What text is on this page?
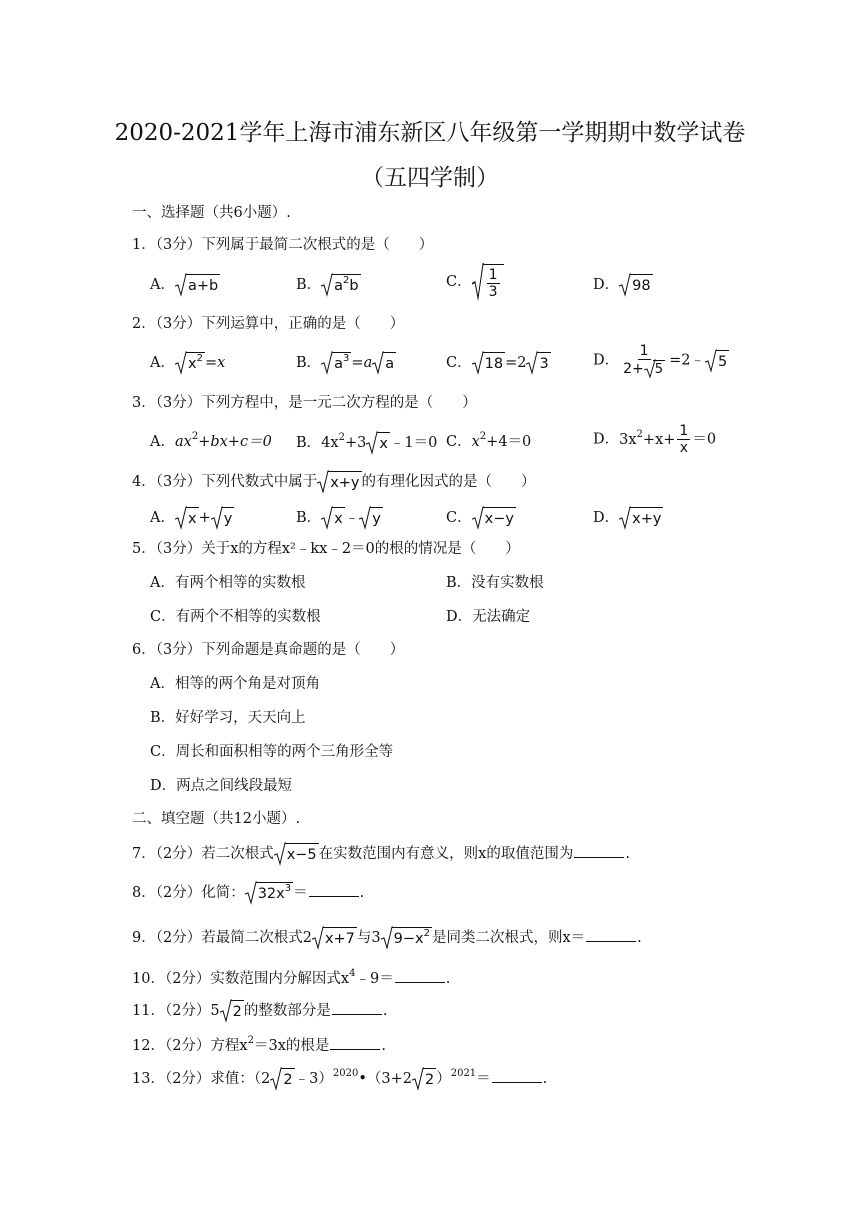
2020-2021学年上海市浦东新区八年级第一学期期中数学试卷
（五四学制）
一、选择题（共6小题）.
1．（3分）下列属于最简二次根式的是（　　）
A． a+b	B． $a^2b$	C． $\frac{1}{3}$	D． 98
2．（3分）下列运算中，正确的是（　　）
A． $x^2 =x$	B． $a^3 =a$ a	C． 18 =2 3	D． $\frac{1}{2+ 5}$ =2﹣ 5
3．（3分）下列方程中，是一元二次方程的是（　　）
A．$ax^2+bx+c=0$ B．$4x^2+3$ x ﹣1＝0 C．$x^2+4=0$	D．$3x^2+x+ \frac{1}{x} =0$
4．（3分）下列代数式中属于 x+y 的有理化因式的是（　　）
A． x + y	B． x ﹣ y	C． x−y	D． x+y
5．（3分）关于x的方程x²﹣kx﹣2＝0的根的情况是（　　）
A．有两个相等的实数根	B．没有实数根
C．有两个不相等的实数根	D．无法确定
6．（3分）下列命题是真命题的是（　　）
A．相等的两个角是对顶角
B．好好学习，天天向上
C．周长和面积相等的两个三角形全等
D．两点之间线段最短
二、填空题（共12小题）.
7．（2分）若二次根式 x−5 在实数范围内有意义，则x的取值范围为	.
8．（2分）化简： $32x^3$ ＝	.
9．（2分）若最简二次根式2 x+7 与3 $9-x^2$ 是同类二次根式，则x＝	.
10．（2分）实数范围内分解因式$x^4﹣9=$	.
11．（2分）5 2 的整数部分是	.
12．（2分）方程$x^2=3x$的根是	.
13．（2分）求值：（2 2 ﹣3）$^{2020}$•（3+2 2 ）$^{2021}$＝	.
